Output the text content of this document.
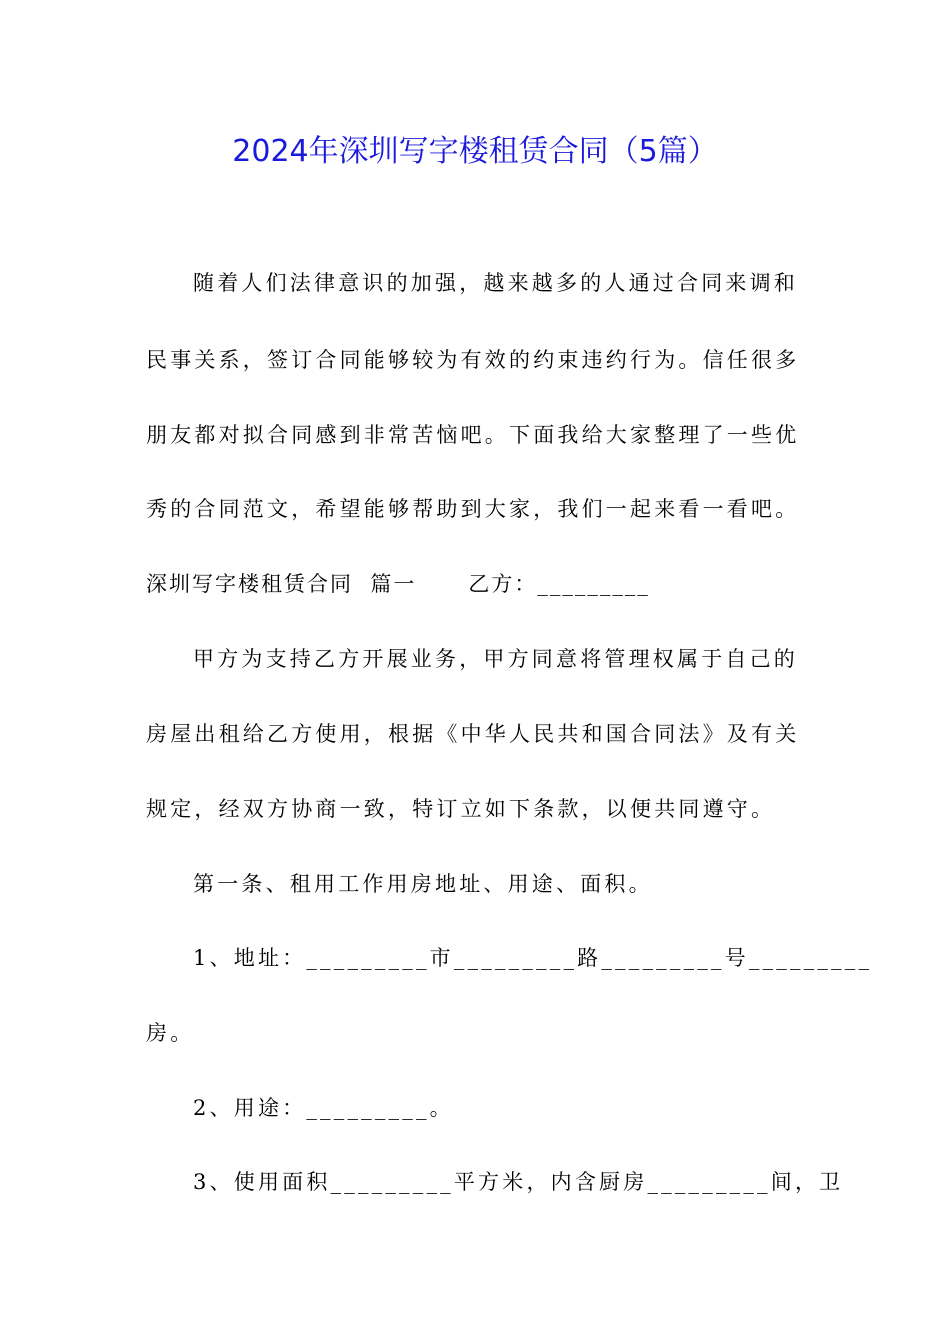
2024年深圳写字楼租赁合同（5篇）
随着人们法律意识的加强，越来越多的人通过合同来调和
民事关系，签订合同能够较为有效的约束违约行为。信任很多
朋友都对拟合同感到非常苦恼吧。下面我给大家整理了一些优
秀的合同范文，希望能够帮助到大家，我们一起来看一看吧。
深圳写字楼租赁合同  篇一      乙方：_________
甲方为支持乙方开展业务，甲方同意将管理权属于自己的
房屋出租给乙方使用，根据《中华人民共和国合同法》及有关
规定，经双方协商一致，特订立如下条款，以便共同遵守。
第一条、租用工作用房地址、用途、面积。
1、地址：_________市_________路_________号_________
房。
2、用途：_________。
3、使用面积_________平方米，内含厨房_________间，卫
